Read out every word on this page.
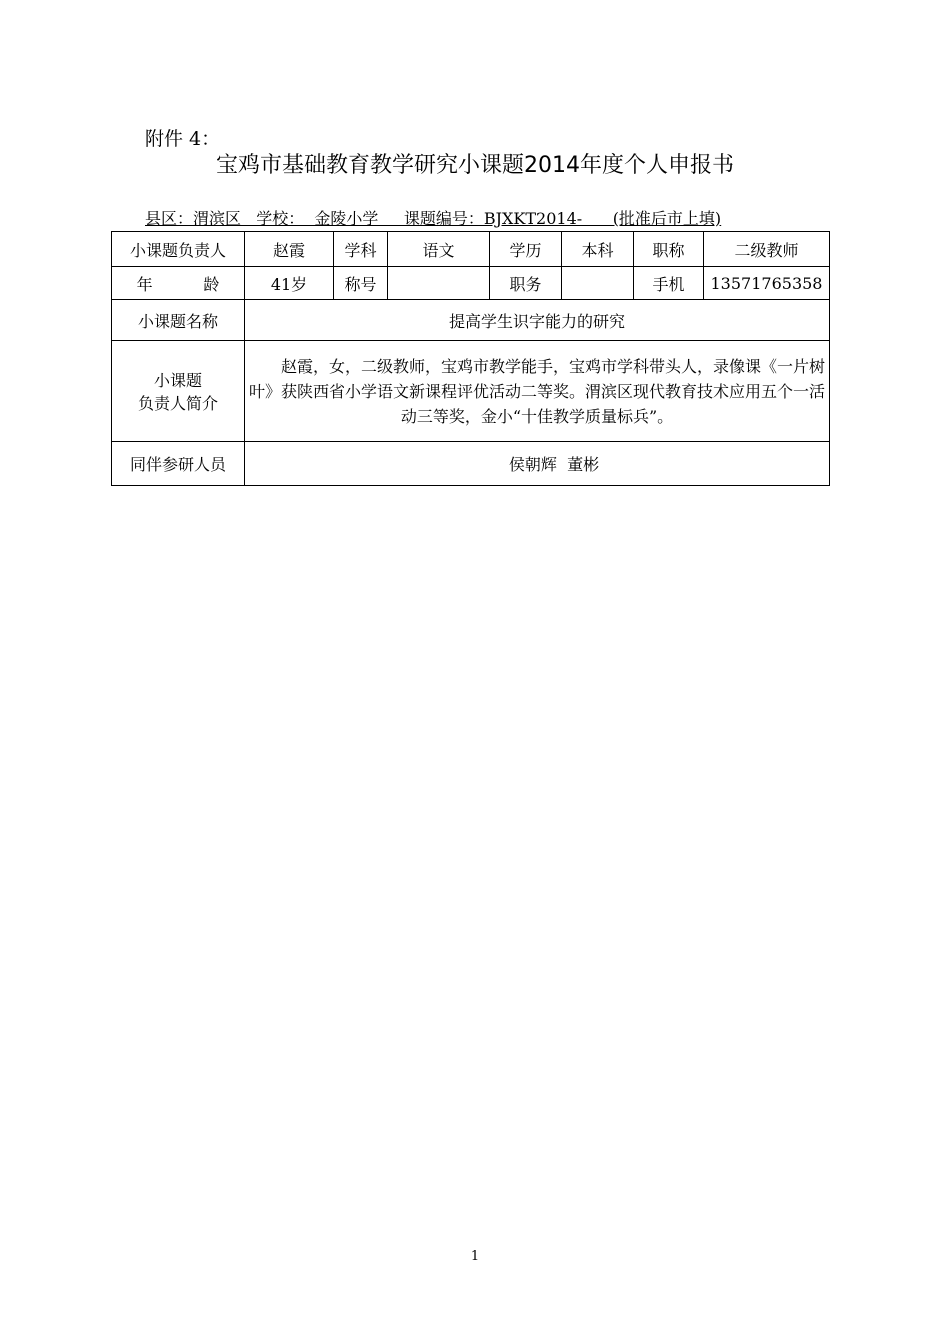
附件 4：
宝鸡市基础教育教学研究小课题2014年度个人申报书
县区：渭滨区   学校：  金陵小学     课题编号：BJXKT2014-      (批准后市上填)
小课题负责人	赵霞	学科	语文	学历	本科	职称	二级教师
年          龄	41岁	称号		职务		手机	13571765358
小课题名称	提高学生识字能力的研究						

小课题
负责人简介	赵霞，女，二级教师，宝鸡市教学能手，宝鸡市学科带头人，录像课《一片树叶》获陕西省小学语文新课程评优活动二等奖。渭滨区现代教育技术应用五个一活动三等奖，金小“十佳教学质量标兵”。						
同伴参研人员	侯朝辉  董彬						
1
